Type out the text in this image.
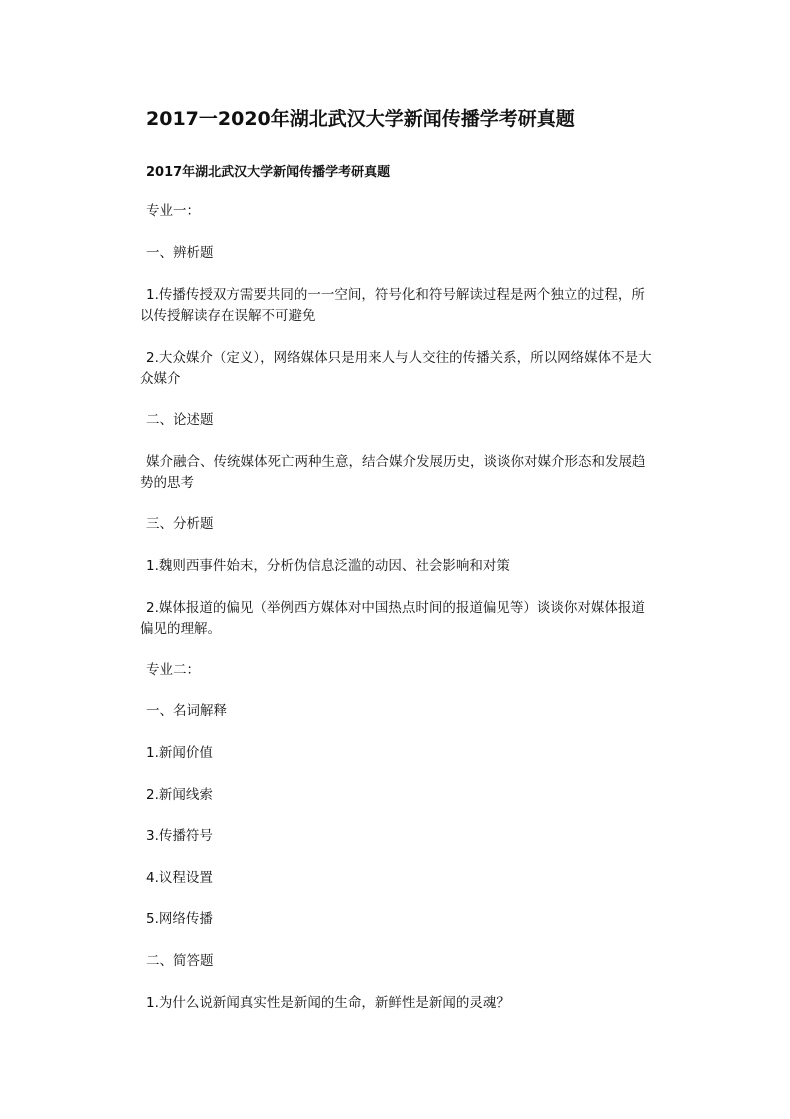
2017一2020年湖北武汉大学新闻传播学考研真题
2017年湖北武汉大学新闻传播学考研真题

专业一：

一、辨析题

1.传播传授双方需要共同的一一空间，符号化和符号解读过程是两个独立的过程，所
以传授解读存在误解不可避免

2.大众媒介（定义），网络媒体只是用来人与人交往的传播关系，所以网络媒体不是大
众媒介

二、论述题

媒介融合、传统媒体死亡两种生意，结合媒介发展历史，谈谈你对媒介形态和发展趋
势的思考

三、分析题

1.魏则西事件始末，分析伪信息泛滥的动因、社会影响和对策

2.媒体报道的偏见（举例西方媒体对中国热点时间的报道偏见等）谈谈你对媒体报道
偏见的理解。

专业二：

一、名词解释

1.新闻价值

2.新闻线索

3.传播符号

4.议程设置

5.网络传播

二、简答题

1.为什么说新闻真实性是新闻的生命，新鲜性是新闻的灵魂？
